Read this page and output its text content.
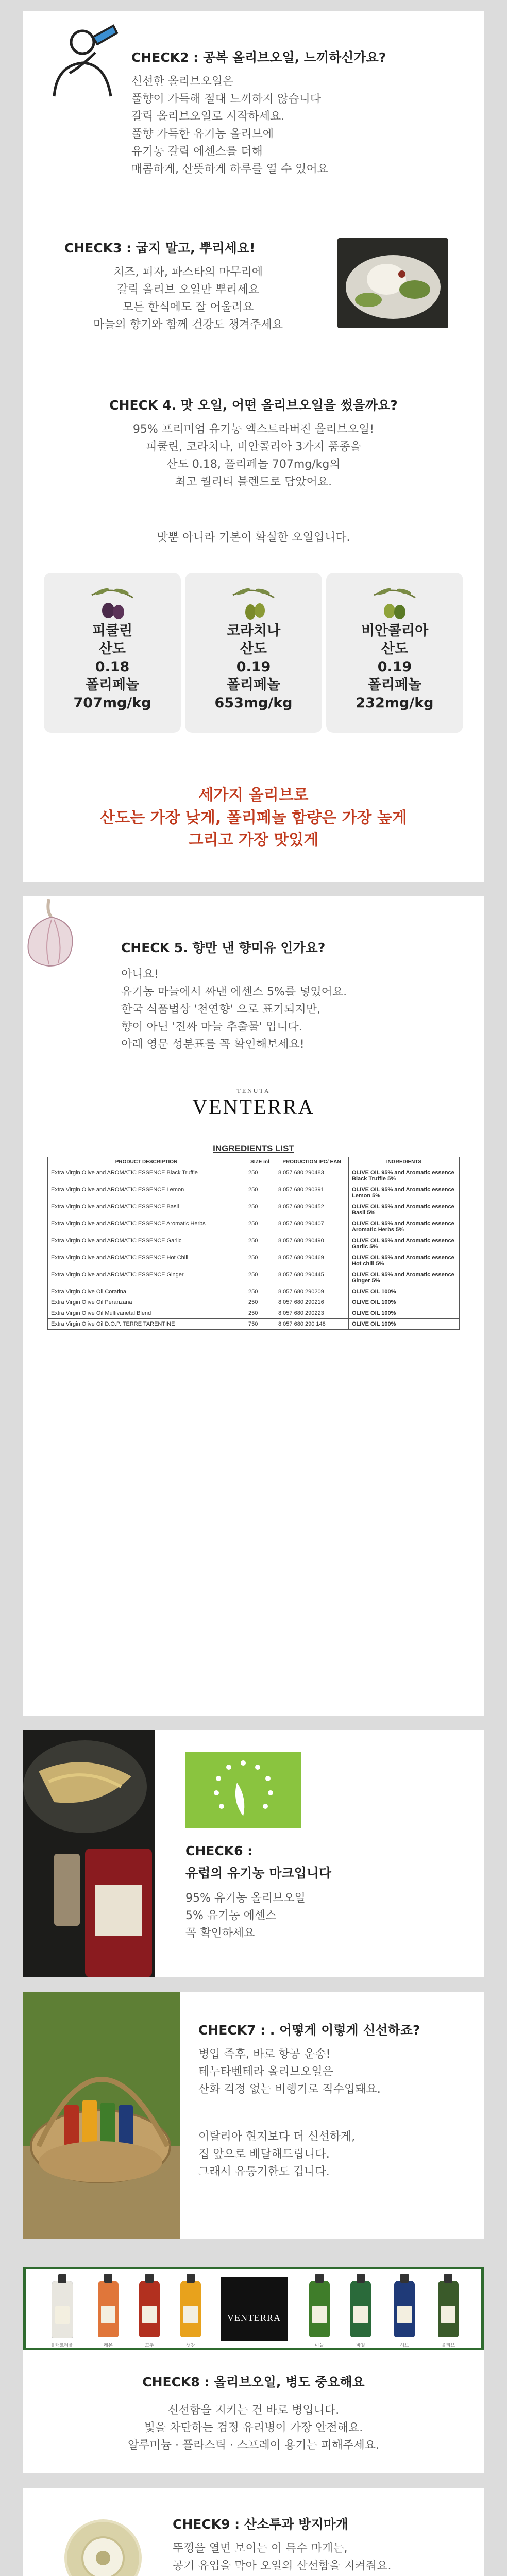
CHECK2 : 공복 올리브오일, 느끼하신가요?
신선한 올리브오일은
풀향이 가득해 절대 느끼하지 않습니다
갈릭 올리브오일로 시작하세요.
풀향 가득한 유기농 올리브에
유기농 갈릭 에센스를 더해
매콤하게, 산뜻하게 하루를 열 수 있어요
CHECK3 : 굽지 말고, 뿌리세요!
치즈, 피자, 파스타의 마무리에
갈릭 올리브 오일만 뿌리세요
모든 한식에도 잘 어울려요
마늘의 향기와 함께 건강도 챙겨주세요
CHECK 4. 맛 오일, 어떤 올리브오일을 썼을까요?
95% 프리미엄 유기농 엑스트라버진 올리브오일!
피쿨린, 코라치나, 비안콜리아 3가지 품종을
산도 0.18, 폴리페놀 707mg/kg의
최고 퀄리티 블렌드로 담았어요.
맛뿐 아니라 기본이 확실한 오일입니다.
피쿨린
산도
0.18
폴리페놀
707mg/kg
코라치나
산도
0.19
폴리페놀
653mg/kg
비안콜리아
산도
0.19
폴리페놀
232mg/kg
세가지 올리브로
산도는 가장 낮게, 폴리페놀 함량은 가장 높게
그리고 가장 맛있게
CHECK 5. 향만 낸 향미유 인가요?
아니요!
유기농 마늘에서 짜낸 에센스 5%를 넣었어요.
한국 식품법상 '천연향' 으로 표기되지만,
향이 아닌 '진짜 마늘 추출물' 입니다.
아래 영문 성분표를 꼭 확인해보세요!
TENUTA
VENTERRA
INGREDIENTS LIST
PRODUCT DESCRIPTION	SIZE ml	PRODUCTION IPC/ EAN	INGREDIENTS
Extra Virgin Olive and AROMATIC ESSENCE Black Truffle	250	8 057 680 290483	OLIVE OIL 95% and Aromatic essence Black Truffle 5%
Extra Virgin Olive and AROMATIC ESSENCE Lemon	250	8 057 680 290391	OLIVE OIL 95% and Aromatic essence Lemon 5%
Extra Virgin Olive and AROMATIC ESSENCE Basil	250	8 057 680 290452	OLIVE OIL 95% and Aromatic essence Basil 5%
Extra Virgin Olive and AROMATIC ESSENCE Aromatic Herbs	250	8 057 680 290407	OLIVE OIL 95% and Aromatic essence Aromatic Herbs 5%
Extra Virgin Olive and AROMATIC ESSENCE Garlic	250	8 057 680 290490	OLIVE OIL 95% and Aromatic essence Garlic 5%
Extra Virgin Olive and AROMATIC ESSENCE Hot Chili	250	8 057 680 290469	OLIVE OIL 95% and Aromatic essence Hot chili 5%
Extra Virgin Olive and AROMATIC ESSENCE Ginger	250	8 057 680 290445	OLIVE OIL 95% and Aromatic essence Ginger 5%
Extra Virgin Olive Oil Coratina	250	8 057 680 290209	OLIVE OIL 100%
Extra Virgin Olive Oil Peranzana	250	8 057 680 290216	OLIVE OIL 100%
Extra Virgin Olive Oil Multivarietal Blend	250	8 057 680 290223	OLIVE OIL 100%
Extra Virgin Olive Oil D.O.P. TERRE TARENTINE	750	8 057 680 290 148	OLIVE OIL 100%
CHECK6 :
유럽의 유기농 마크입니다
95% 유기농 올리브오일
5% 유기농 에센스
꼭 확인하세요
CHECK7 : . 어떻게 이렇게 신선하죠?
병입 즉후, 바로 항공 운송!
테누타벤테라 올리브오일은
산화 걱정 없는 비행기로 직수입돼요.
이탈리아 현지보다 더 신선하게,
집 앞으로 배달해드립니다.
그래서 유통기한도 깁니다.
블랙트러플	레몬	고추	생강
VENTERRA
마늘	바질	허브	올리브
CHECK8 : 올리브오일, 병도 중요해요
신선함을 지키는 건 바로 병입니다.
빛을 차단하는 검정 유리병이 가장 안전해요.
알루미늄 · 플라스틱 · 스프레이 용기는 피해주세요.
CHECK9 : 산소투과 방지마개
뚜껑을 열면 보이는 이 특수 마개는,
공기 유입을 막아 오일의 산선함을 지켜줘요.
